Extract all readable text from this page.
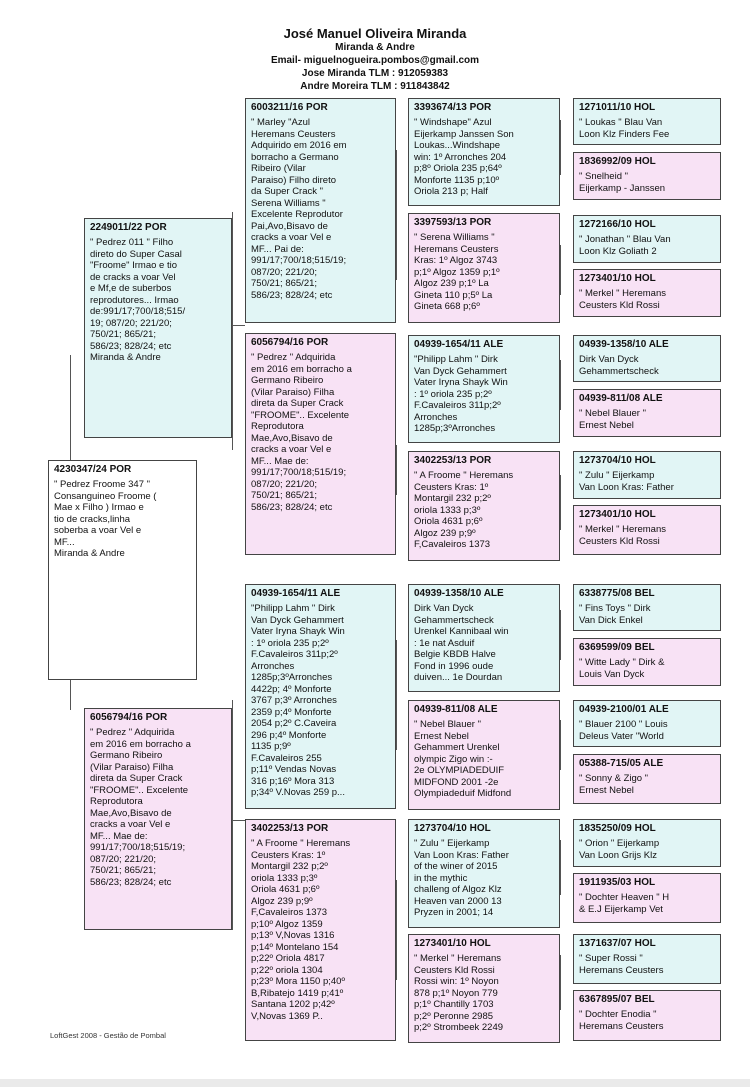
José Manuel Oliveira Miranda
Miranda & Andre
Email- miguelnogueira.pombos@gmail.com
Jose Miranda TLM : 912059383
Andre Moreira TLM : 911843842
4230347/24 POR
" Pedrez Froome 347 "
Consanguineo Froome (
Mae x Filho ) Irmao e
tio de cracks,linha
soberba a voar Vel e
MF...
Miranda & Andre
2249011/22 POR
" Pedrez 011 " Filho
direto do Super Casal
"Froome" Irmao e tio
de cracks a voar Vel
e Mf,e de suberbos
reprodutores... Irmao
de:991/17;700/18;515/
19; 087/20; 221/20;
750/21; 865/21;
586/23; 828/24; etc
Miranda & Andre
6056794/16 POR
" Pedrez " Adquirida
em 2016 em borracho a
Germano Ribeiro
(Vilar Paraiso) Filha
direta da Super Crack
"FROOME".. Excelente
Reprodutora
Mae,Avo,Bisavo de
cracks a voar Vel e
MF... Mae de:
991/17;700/18;515/19;
087/20; 221/20;
750/21; 865/21;
586/23; 828/24; etc
6003211/16 POR
" Marley "Azul
Heremans Ceusters
Adquirido em 2016 em
borracho a Germano
Ribeiro (Vilar
Paraiso) Filho direto
da Super Crack "
Serena Williams "
Excelente Reprodutor
Pai,Avo,Bisavo de
cracks a voar Vel e
MF... Pai de:
991/17;700/18;515/19;
087/20; 221/20;
750/21; 865/21;
586/23; 828/24; etc
6056794/16 POR
" Pedrez " Adquirida
em 2016 em borracho a
Germano Ribeiro
(Vilar Paraiso) Filha
direta da Super Crack
"FROOME".. Excelente
Reprodutora
Mae,Avo,Bisavo de
cracks a voar Vel e
MF... Mae de:
991/17;700/18;515/19;
087/20; 221/20;
750/21; 865/21;
586/23; 828/24; etc
04939-1654/11 ALE
"Philipp Lahm " Dirk
Van Dyck Gehammert
Vater Iryna Shayk Win
: 1º oriola 235 p;2º
F.Cavaleiros 311p;2º
Arronches
1285p;3ºArronches
4422p; 4º Monforte
3767 p;3º Arronches
2359 p;4º Monforte
2054 p;2º C.Caveira
296 p;4º Monforte
1135 p;9º
F.Cavaleiros 255
p;11º Vendas Novas
316 p;16º Mora 313
p;34º V.Novas 259 p...
3402253/13 POR
" A Froome " Heremans
Ceusters Kras: 1º
Montargil 232 p;2º
oriola 1333 p;3º
Oriola 4631 p;6º
Algoz 239 p;9º
F,Cavaleiros 1373
p;10º Algoz 1359
p;13º V,Novas 1316
p;14º Montelano 154
p;22º Oriola 4817
p;22º oriola 1304
p;23º Mora 1150 p;40º
B,Ribatejo 1419 p;41º
Santana 1202 p;42º
V,Novas 1369 P..
3393674/13 POR
" Windshape" Azul
Eijerkamp Janssen Son
Loukas...Windshape
win: 1º Arronches 204
p;8º Oriola 235 p;64º
Monforte 1135 p;10º
Oriola 213 p; Half
3397593/13 POR
" Serena Williams "
Heremans Ceusters
Kras: 1º Algoz 3743
p;1º Algoz 1359 p;1º
Algoz 239 p;1º La
Gineta 110 p;5º La
Gineta 668 p;6º
04939-1654/11 ALE
"Philipp Lahm " Dirk
Van Dyck Gehammert
Vater Iryna Shayk Win
: 1º oriola 235 p;2º
F.Cavaleiros 311p;2º
Arronches
1285p;3ºArronches
3402253/13 POR
" A Froome " Heremans
Ceusters Kras: 1º
Montargil 232 p;2º
oriola 1333 p;3º
Oriola 4631 p;6º
Algoz 239 p;9º
F,Cavaleiros 1373
04939-1358/10 ALE
Dirk Van Dyck
Gehammertscheck
Urenkel Kannibaal win
: 1e nat Asduif
Belgie KBDB Halve
Fond in 1996 oude
duiven... 1e Dourdan
04939-811/08 ALE
" Nebel Blauer "
Ernest Nebel
Gehammert Urenkel
olympic Zigo win :-
2e OLYMPIADEDUIF
MIDFOND 2001 -2e
Olympiadeduif Midfond
1273704/10 HOL
" Zulu " Eijerkamp
Van Loon Kras: Father
of the winer of 2015
in the mythic
challeng of Algoz Klz
Heaven van 2000 13
Pryzen in 2001; 14
1273401/10 HOL
" Merkel " Heremans
Ceusters Kld Rossi
Rossi win: 1º Noyon
878 p;1º Noyon 779
p;1º Chantilly 1703
p;2º Peronne 2985
p;2º Strombeek 2249
1271011/10 HOL
" Loukas " Blau Van
Loon Klz Finders Fee
1836992/09 HOL
" Snelheid "
Eijerkamp - Janssen
1272166/10 HOL
" Jonathan " Blau Van
Loon Klz Goliath 2
1273401/10 HOL
" Merkel " Heremans
Ceusters Kld Rossi
04939-1358/10 ALE
Dirk Van Dyck
Gehammertscheck
04939-811/08 ALE
" Nebel Blauer "
Ernest Nebel
1273704/10 HOL
" Zulu " Eijerkamp
Van Loon Kras: Father
1273401/10 HOL
" Merkel " Heremans
Ceusters Kld Rossi
6338775/08 BEL
" Fins Toys " Dirk
Van Dick Enkel
6369599/09 BEL
" Witte Lady " Dirk &
Louis Van Dyck
04939-2100/01 ALE
" Blauer 2100 " Louis
Deleus Vater "World
05388-715/05 ALE
" Sonny & Zigo "
Ernest Nebel
1835250/09 HOL
" Orion " Eijerkamp
Van Loon Grijs Klz
1911935/03 HOL
" Dochter Heaven " H
& E.J Eijerkamp Vet
1371637/07 HOL
" Super Rossi "
Heremans Ceusters
6367895/07 BEL
" Dochter Enodia "
Heremans Ceusters
LoftGest 2008 - Gestão de Pombal
